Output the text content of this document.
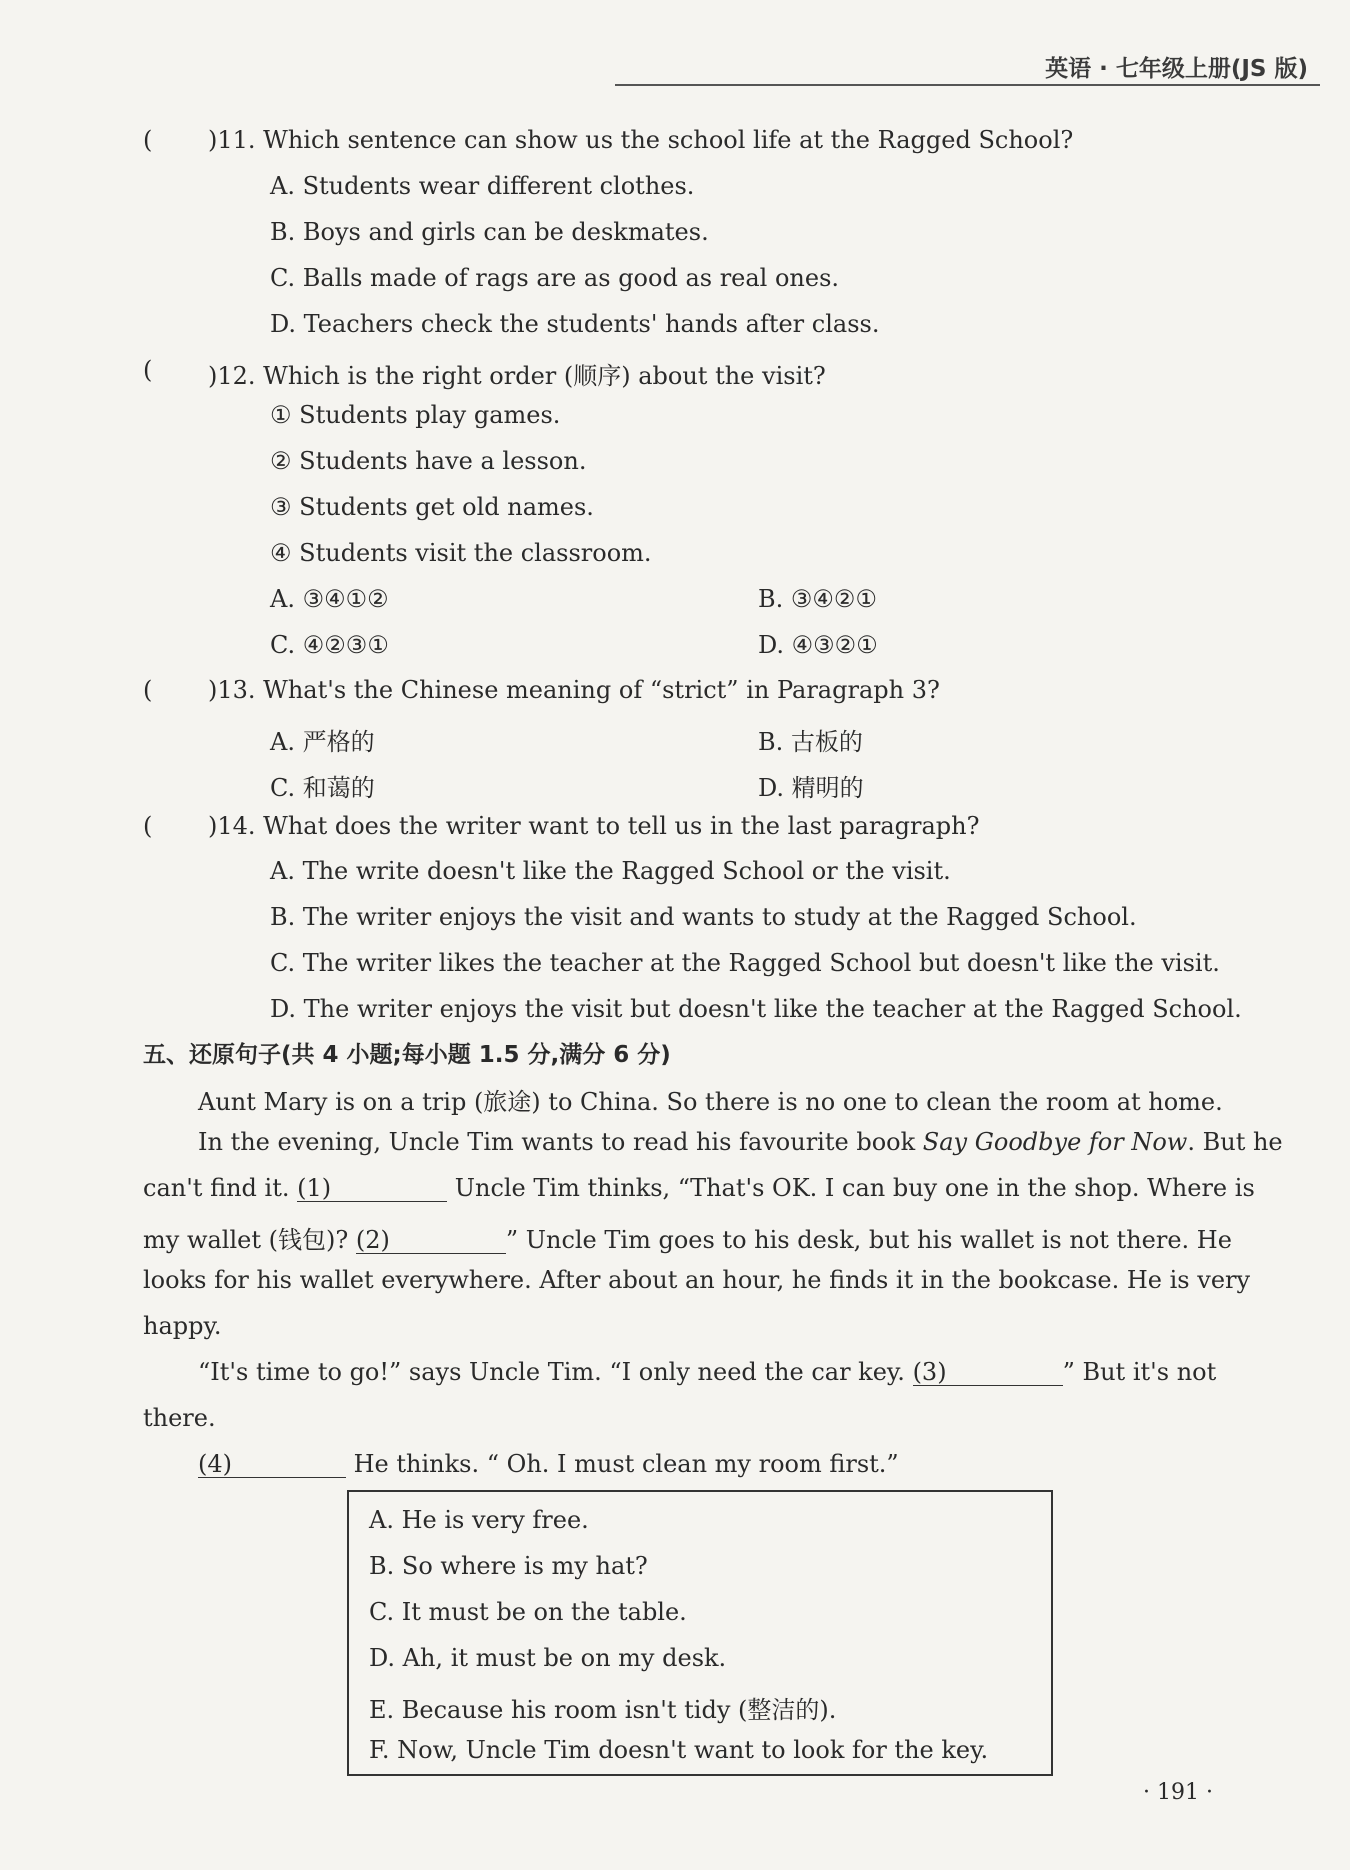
英语 · 七年级上册(JS 版)
( )11. Which sentence can show us the school life at the Ragged School?
A. Students wear different clothes.
B. Boys and girls can be deskmates.
C. Balls made of rags are as good as real ones.
D. Teachers check the students' hands after class.
( )12. Which is the right order (顺序) about the visit?
① Students play games.
② Students have a lesson.
③ Students get old names.
④ Students visit the classroom.
A. ③④①②	B. ③④②①
C. ④②③①	D. ④③②①
( )13. What's the Chinese meaning of “strict” in Paragraph 3?
A. 严格的	B. 古板的
C. 和蔼的	D. 精明的
( )14. What does the writer want to tell us in the last paragraph?
A. The write doesn't like the Ragged School or the visit.
B. The writer enjoys the visit and wants to study at the Ragged School.
C. The writer likes the teacher at the Ragged School but doesn't like the visit.
D. The writer enjoys the visit but doesn't like the teacher at the Ragged School.
五、还原句子(共 4 小题;每小题 1.5 分,满分 6 分)
Aunt Mary is on a trip (旅途) to China. So there is no one to clean the room at home.
In the evening, Uncle Tim wants to read his favourite book Say Goodbye for Now. But he
can't find it. (1)	Uncle Tim thinks, “That's OK. I can buy one in the shop. Where is
my wallet (钱包)? (2)	” Uncle Tim goes to his desk, but his wallet is not there. He
looks for his wallet everywhere. After about an hour, he finds it in the bookcase. He is very
happy.
“It's time to go!” says Uncle Tim. “I only need the car key. (3)	” But it's not
there.
(4)	He thinks. “ Oh. I must clean my room first.”
A. He is very free.
B. So where is my hat?
C. It must be on the table.
D. Ah, it must be on my desk.
E. Because his room isn't tidy (整洁的).
F. Now, Uncle Tim doesn't want to look for the key.
· 191 ·
